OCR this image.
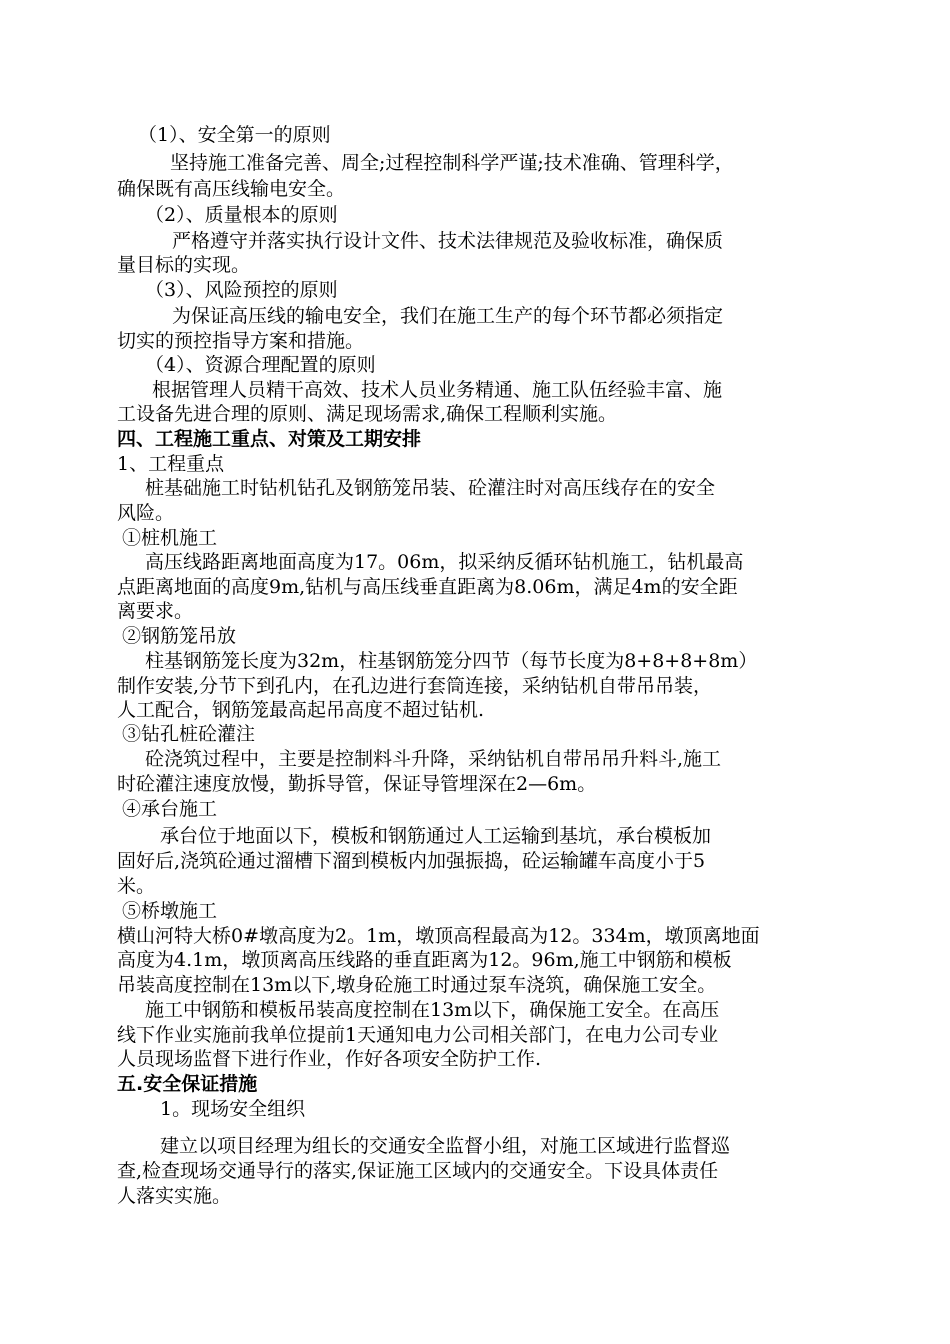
（1）、安全第一的原则
坚持施工准备完善、周全;过程控制科学严谨;技术准确、管理科学，
确保既有高压线输电安全。
（2）、质量根本的原则
严格遵守并落实执行设计文件、技术法律规范及验收标准，确保质
量目标的实现。
（3）、风险预控的原则
为保证高压线的输电安全，我们在施工生产的每个环节都必须指定
切实的预控指导方案和措施。
（4）、资源合理配置的原则
根据管理人员精干高效、技术人员业务精通、施工队伍经验丰富、施
工设备先进合理的原则、满足现场需求,确保工程顺利实施。
四、工程施工重点、对策及工期安排
1、工程重点
桩基础施工时钻机钻孔及钢筋笼吊装、砼灌注时对高压线存在的安全
风险。
①桩机施工
高压线路距离地面高度为17。06m，拟采纳反循环钻机施工，钻机最高
点距离地面的高度9m,钻机与高压线垂直距离为8.06m，满足4m的安全距
离要求。
②钢筋笼吊放
柱基钢筋笼长度为32m，柱基钢筋笼分四节（每节长度为8+8+8+8m）
制作安装,分节下到孔内，在孔边进行套筒连接，采纳钻机自带吊吊装，
人工配合，钢筋笼最高起吊高度不超过钻机.
③钻孔桩砼灌注
砼浇筑过程中，主要是控制料斗升降，采纳钻机自带吊吊升料斗,施工
时砼灌注速度放慢，勤拆导管，保证导管埋深在2—6m。
④承台施工
承台位于地面以下，模板和钢筋通过人工运输到基坑，承台模板加
固好后,浇筑砼通过溜槽下溜到模板内加强振捣，砼运输罐车高度小于5
米。
⑤桥墩施工
横山河特大桥0#墩高度为2。1m，墩顶高程最高为12。334m，墩顶离地面
高度为4.1m，墩顶离高压线路的垂直距离为12。96m,施工中钢筋和模板
吊装高度控制在13m以下,墩身砼施工时通过泵车浇筑，确保施工安全。
施工中钢筋和模板吊装高度控制在13m以下，确保施工安全。在高压
线下作业实施前我单位提前1天通知电力公司相关部门，在电力公司专业
人员现场监督下进行作业，作好各项安全防护工作.
五.安全保证措施
1。现场安全组织
建立以项目经理为组长的交通安全监督小组，对施工区域进行监督巡
查,检查现场交通导行的落实,保证施工区域内的交通安全。下设具体责任
人落实实施。
